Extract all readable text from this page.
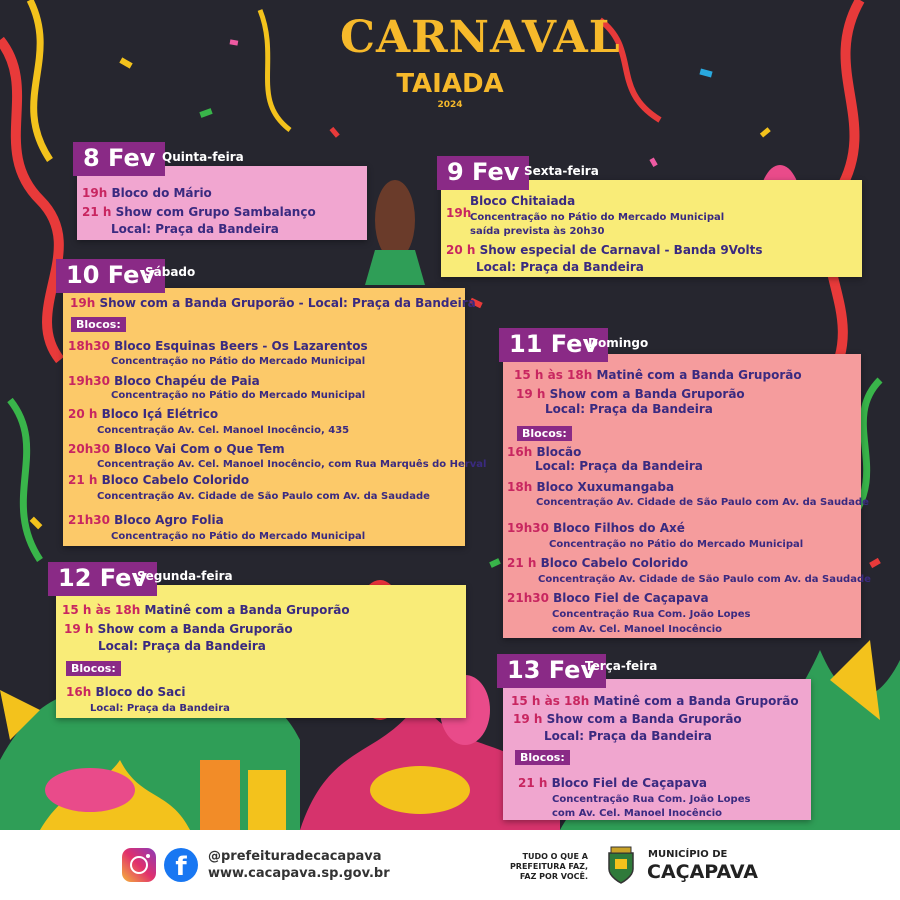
CARNAVAL
TAIADA
2024
8 Fev Quinta-feira
19h Bloco do Mário
21 h Show com Grupo Sambalanço
Local: Praça da Bandeira
9 Fev Sexta-feira
Bloco Chitaiada
19h
Concentração no Pátio do Mercado Municipal
saída prevista às 20h30
20 h Show especial de Carnaval - Banda 9Volts
Local: Praça da Bandeira
10 Fev
Sábado
19h Show com a Banda Gruporão - Local: Praça da Bandeira
Blocos:
18h30 Bloco Esquinas Beers - Os Lazarentos
Concentração no Pátio do Mercado Municipal
19h30 Bloco Chapéu de Paia
Concentração no Pátio do Mercado Municipal
20 h Bloco Içá Elétrico
Concentração Av. Cel. Manoel Inocêncio, 435
20h30 Bloco Vai Com o Que Tem
Concentração Av. Cel. Manoel Inocêncio, com Rua Marquês do Herval
21 h Bloco Cabelo Colorido
Concentração Av. Cidade de São Paulo com Av. da Saudade
21h30 Bloco Agro Folia
Concentração no Pátio do Mercado Municipal
11 Fev
Domingo
15 h às 18h Matinê com a Banda Gruporão
19 h Show com a Banda Gruporão
Local: Praça da Bandeira
Blocos:
16h Blocão
Local: Praça da Bandeira
18h Bloco Xuxumangaba
Concentração Av. Cidade de São Paulo com Av. da Saudade
19h30 Bloco Filhos do Axé
Concentração no Pátio do Mercado Municipal
21 h Bloco Cabelo Colorido
Concentração Av. Cidade de São Paulo com Av. da Saudade
21h30 Bloco Fiel de Caçapava
Concentração Rua Com. João Lopes
com Av. Cel. Manoel Inocêncio
12 Fev
Segunda-feira
15 h às 18h Matinê com a Banda Gruporão
19 h Show com a Banda Gruporão
Local: Praça da Bandeira
Blocos:
16h Bloco do Saci
Local: Praça da Bandeira
13 Fev
Terça-feira
15 h às 18h Matinê com a Banda Gruporão
19 h Show com a Banda Gruporão
Local: Praça da Bandeira
Blocos:
21 h Bloco Fiel de Caçapava
Concentração Rua Com. João Lopes
com Av. Cel. Manoel Inocêncio
f	@prefeituradecacapava
www.cacapava.sp.gov.br
TUDO O QUE A
PREFEITURA FAZ,
FAZ POR VOCÊ.
MUNICÍPIO DE
CAÇAPAVA
